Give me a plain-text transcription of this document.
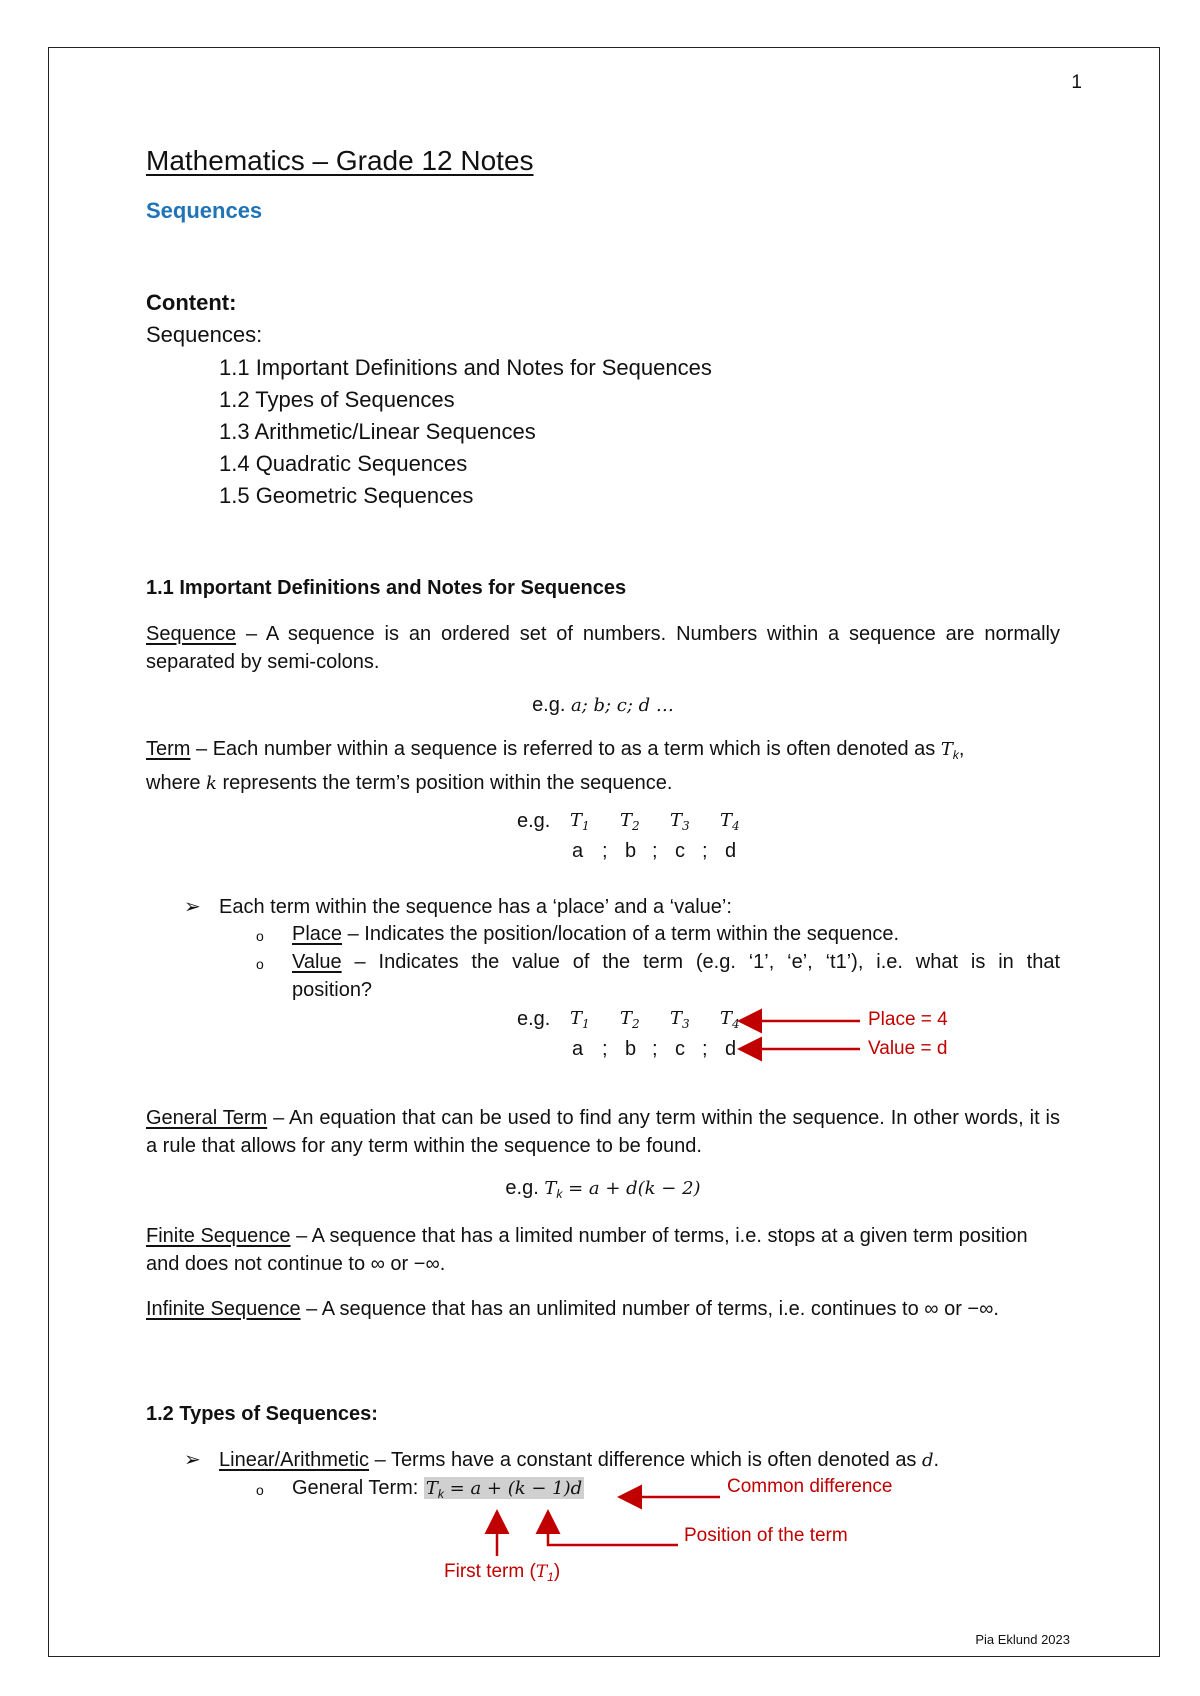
1
Mathematics – Grade 12 Notes
Sequences
Content:
Sequences:
1.1 Important Definitions and Notes for Sequences
1.2 Types of Sequences
1.3 Arithmetic/Linear Sequences
1.4 Quadratic Sequences
1.5 Geometric Sequences
1.1 Important Definitions and Notes for Sequences
Sequence – A sequence is an ordered set of numbers. Numbers within a sequence are normally separated by semi-colons.
e.g. a; b; c; d …
Term – Each number within a sequence is referred to as a term which is often denoted as $T_k$,
where k represents the term’s position within the sequence.
e.g. $T_1$ $T_2$ $T_3$ $T_4$
a ; b ; c ; d
➢ Each term within the sequence has a ‘place’ and a ‘value’:
o Place – Indicates the position/location of a term within the sequence.
o Value – Indicates the value of the term (e.g. ‘1’, ‘e’, ‘t1’), i.e. what is in that
position?
e.g. $T_1$ $T_2$ $T_3$ $T_4$
a ; b ; c ; d
Place = 4
Value = d
General Term – An equation that can be used to find any term within the sequence. In other words, it is a rule that allows for any term within the sequence to be found.
e.g. $T_k = a + d(k - 2)$
Finite Sequence – A sequence that has a limited number of terms, i.e. stops at a given term position and does not continue to ∞ or −∞.
Infinite Sequence – A sequence that has an unlimited number of terms, i.e. continues to ∞ or −∞.
1.2 Types of Sequences:
➢ Linear/Arithmetic – Terms have a constant difference which is often denoted as d.
o General Term: $T_k = a + (k - 1)d$	Common difference
Position of the term
First term $(T_1)$
Pia Eklund 2023
